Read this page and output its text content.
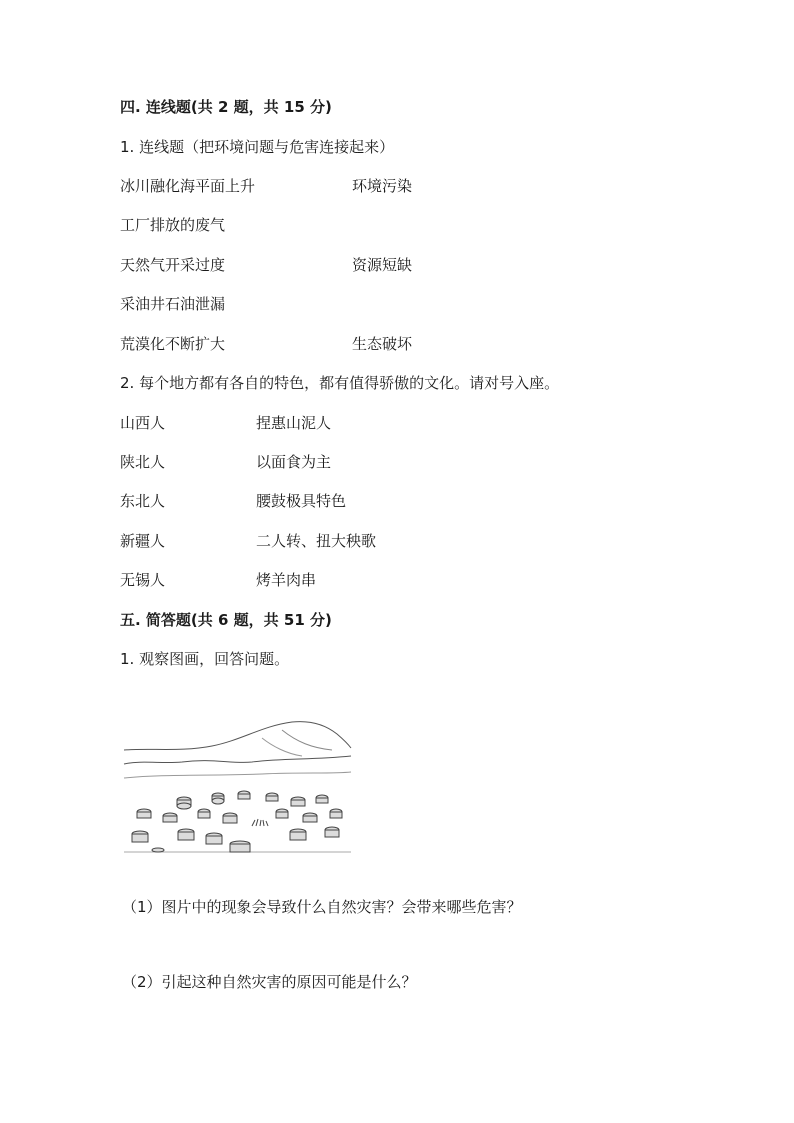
四. 连线题(共 2 题，共 15 分)
1. 连线题（把环境问题与危害连接起来）
冰川融化海平面上升	环境污染
工厂排放的废气
天然气开采过度	资源短缺
采油井石油泄漏
荒漠化不断扩大	生态破坏
2. 每个地方都有各自的特色，都有值得骄傲的文化。请对号入座。
山西人	捏惠山泥人
陕北人	以面食为主
东北人	腰鼓极具特色
新疆人	二人转、扭大秧歌
无锡人	烤羊肉串
五. 简答题(共 6 题，共 51 分)
1. 观察图画，回答问题。
（1）图片中的现象会导致什么自然灾害？会带来哪些危害？
（2）引起这种自然灾害的原因可能是什么？
